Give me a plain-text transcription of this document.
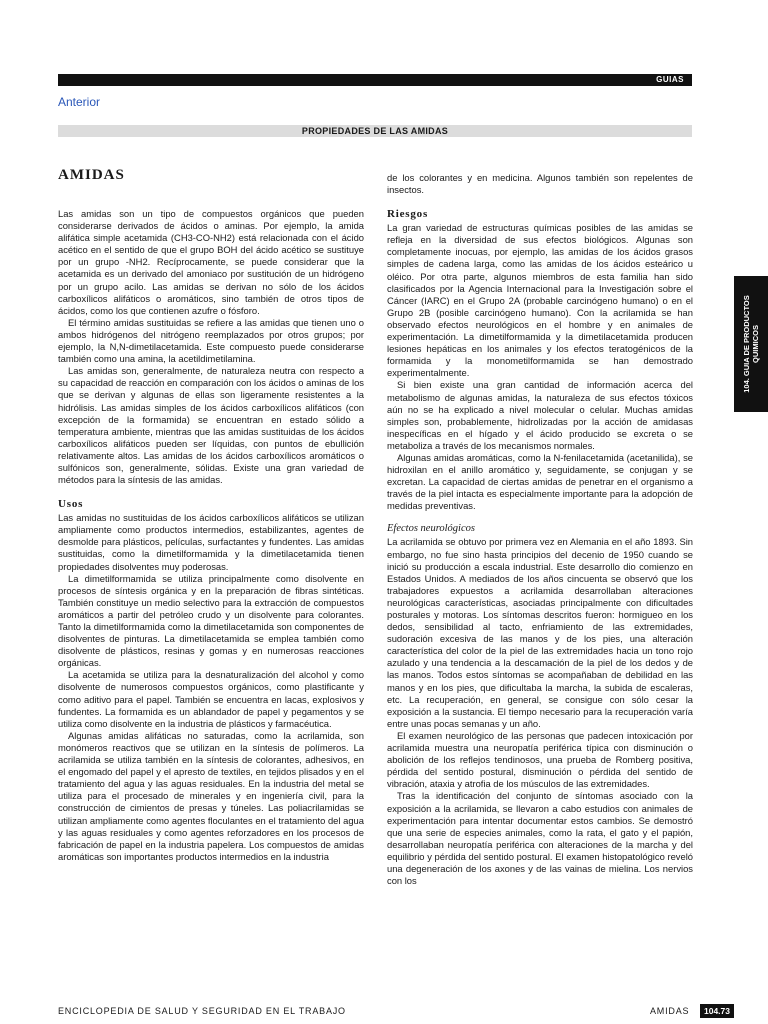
GUIAS
Anterior
PROPIEDADES DE LAS AMIDAS
AMIDAS

Las amidas son un tipo de compuestos orgánicos que pueden considerarse derivados de ácidos o aminas. Por ejemplo, la amida alifática simple acetamida (CH3-CO-NH2) está relacionada con el ácido acético en el sentido de que el grupo BOH del ácido acético se sustituye por un grupo -NH2. Recíprocamente, se puede considerar que la acetamida es un derivado del amoniaco por sustitución de un hidrógeno por un grupo acilo. Las amidas se derivan no sólo de los ácidos carboxílicos alifáticos o aromáticos, sino también de otros tipos de ácidos, como los que contienen azufre o fósforo.

El término amidas sustituidas se refiere a las amidas que tienen uno o ambos hidrógenos del nitrógeno reemplazados por otros grupos; por ejemplo, la N,N-dimetilacetamida. Este compuesto puede considerarse también como una amina, la acetildimetilamina.

Las amidas son, generalmente, de naturaleza neutra con respecto a su capacidad de reacción en comparación con los ácidos o aminas de los que se derivan y algunas de ellas son ligeramente resistentes a la hidrólisis. Las amidas simples de los ácidos carboxílicos alifáticos (con excepción de la formamida) se encuentran en estado sólido a temperatura ambiente, mientras que las amidas sustituidas de los ácidos carboxílicos alifáticos pueden ser líquidas, con puntos de ebullición relativamente altos. Las amidas de los ácidos carboxílicos aromáticos o sulfónicos son, generalmente, sólidas. Existe una gran variedad de métodos para la síntesis de las amidas.

Usos

Las amidas no sustituidas de los ácidos carboxílicos alifáticos se utilizan ampliamente como productos intermedios, estabilizantes, agentes de desmolde para plásticos, películas, surfactantes y fundentes. Las amidas sustituidas, como la dimetilformamida y la dimetilacetamida tienen propiedades disolventes muy poderosas.

La dimetilformamida se utiliza principalmente como disolvente en procesos de síntesis orgánica y en la preparación de fibras sintéticas. También constituye un medio selectivo para la extracción de compuestos aromáticos a partir del petróleo crudo y un disolvente para colorantes. Tanto la dimetilformamida como la dimetilacetamida son componentes de disolventes de pinturas. La dimetilacetamida se emplea también como disolvente de plásticos, resinas y gomas y en numerosas reacciones orgánicas.

La acetamida se utiliza para la desnaturalización del alcohol y como disolvente de numerosos compuestos orgánicos, como plastificante y como aditivo para el papel. También se encuentra en lacas, explosivos y fundentes. La formamida es un ablandador de papel y pegamentos y se utiliza como disolvente en la industria de plásticos y farmacéutica.

Algunas amidas alifáticas no saturadas, como la acrilamida, son monómeros reactivos que se utilizan en la síntesis de polímeros. La acrilamida se utiliza también en la síntesis de colorantes, adhesivos, en el engomado del papel y el apresto de textiles, en tejidos plisados y en el tratamiento del agua y las aguas residuales. En la industria del metal se utiliza para el procesado de minerales y en ingeniería civil, para la construcción de cimientos de presas y túneles. Las poliacrilamidas se utilizan ampliamente como agentes floculantes en el tratamiento del agua y las aguas residuales y como agentes reforzadores en los procesos de fabricación de papel en la industria papelera. Los compuestos de amidas aromáticas son importantes productos intermedios en la industria

de los colorantes y en medicina. Algunos también son repelentes de insectos.

Riesgos

La gran variedad de estructuras químicas posibles de las amidas se refleja en la diversidad de sus efectos biológicos. Algunas son completamente inocuas, por ejemplo, las amidas de los ácidos grasos simples de cadena larga, como las amidas de los ácidos esteárico u oléico. Por otra parte, algunos miembros de esta familia han sido clasificados por la Agencia Internacional para la Investigación sobre el Cáncer (IARC) en el Grupo 2A (probable carcinógeno humano) o en el Grupo 2B (posible carcinógeno humano). Con la acrilamida se han observado efectos neurológicos en el hombre y en animales de experimentación. La dimetilformamida y la dimetilacetamida producen lesiones hepáticas en los animales y los efectos teratogénicos de la formamida y la monometilformamida se han demostrado experimentalmente.

Si bien existe una gran cantidad de información acerca del metabolismo de algunas amidas, la naturaleza de sus efectos tóxicos aún no se ha explicado a nivel molecular o celular. Muchas amidas simples son, probablemente, hidrolizadas por la acción de amidasas inespecíficas en el hígado y el ácido producido se excreta o se metaboliza a través de los mecanismos normales.

Algunas amidas aromáticas, como la N-fenilacetamida (acetanilida), se hidroxilan en el anillo aromático y, seguidamente, se conjugan y se excretan. La capacidad de ciertas amidas de penetrar en el organismo a través de la piel intacta es especialmente importante para la adopción de medidas preventivas.

Efectos neurológicos

La acrilamida se obtuvo por primera vez en Alemania en el año 1893. Sin embargo, no fue sino hasta principios del decenio de 1950 cuando se inició su producción a escala industrial. Este desarrollo dio comienzo en Estados Unidos. A mediados de los años cincuenta se observó que los trabajadores expuestos a acrilamida desarrollaban alteraciones neurológicas características, asociadas principalmente con dificultades posturales y motoras. Los síntomas descritos fueron: hormigueo en los dedos, sensibilidad al tacto, enfriamiento de las extremidades, sudoración excesiva de las manos y de los pies, una alteración característica del color de la piel de las extremidades hacia un tono rojo azulado y una tendencia a la descamación de la piel de los dedos y de las manos. Todos estos síntomas se acompañaban de debilidad en las manos y en los pies, que dificultaba la marcha, la subida de escaleras, etc. La recuperación, en general, se consigue con sólo cesar la exposición a la sustancia. El tiempo necesario para la recuperación varía entre unas pocas semanas y un año.

El examen neurológico de las personas que padecen intoxicación por acrilamida muestra una neuropatía periférica típica con disminución o abolición de los reflejos tendinosos, una prueba de Romberg positiva, pérdida del sentido postural, disminución o pérdida del sentido de vibración, ataxia y atrofia de los músculos de las extremidades.

Tras la identificación del conjunto de síntomas asociado con la exposición a la acrilamida, se llevaron a cabo estudios con animales de experimentación para intentar documentar estos cambios. Se demostró que una serie de especies animales, como la rata, el gato y el papión, desarrollaban neuropatía periférica con alteraciones de la marcha y del equilibrio y pérdida del sentido postural. El examen histopatológico reveló una degeneración de los axones y de las vainas de mielina. Los nervios con los

104. GUIA DE PRODUCTOS QUIMICOS
ENCICLOPEDIA DE SALUD Y SEGURIDAD EN EL TRABAJO	AMIDAS	104.73
